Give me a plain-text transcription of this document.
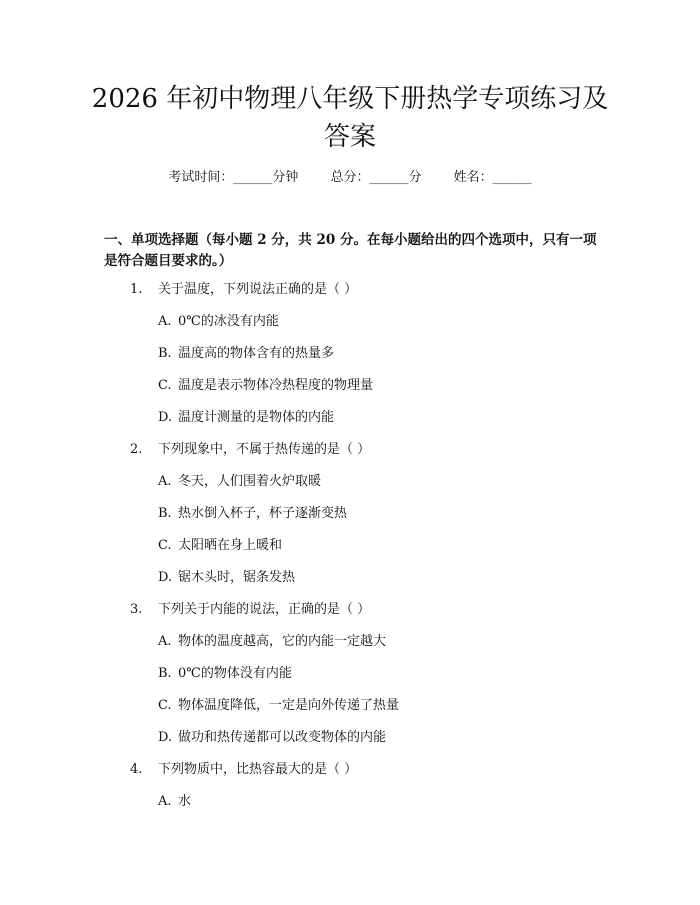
2026 年初中物理八年级下册热学专项练习及答案
考试时间：______分钟 总分：______分 姓名：______

一、单项选择题（每小题 2 分，共 20 分。在每小题给出的四个选项中，只有一项是符合题目要求的。）

1. 关于温度，下列说法正确的是（ ）
A. 0℃的冰没有内能
B. 温度高的物体含有的热量多
C. 温度是表示物体冷热程度的物理量
D. 温度计测量的是物体的内能
2. 下列现象中，不属于热传递的是（ ）
A. 冬天，人们围着火炉取暖
B. 热水倒入杯子，杯子逐渐变热
C. 太阳晒在身上暖和
D. 锯木头时，锯条发热
3. 下列关于内能的说法，正确的是（ ）
A. 物体的温度越高，它的内能一定越大
B. 0℃的物体没有内能
C. 物体温度降低，一定是向外传递了热量
D. 做功和热传递都可以改变物体的内能
4. 下列物质中，比热容最大的是（ ）
A. 水
